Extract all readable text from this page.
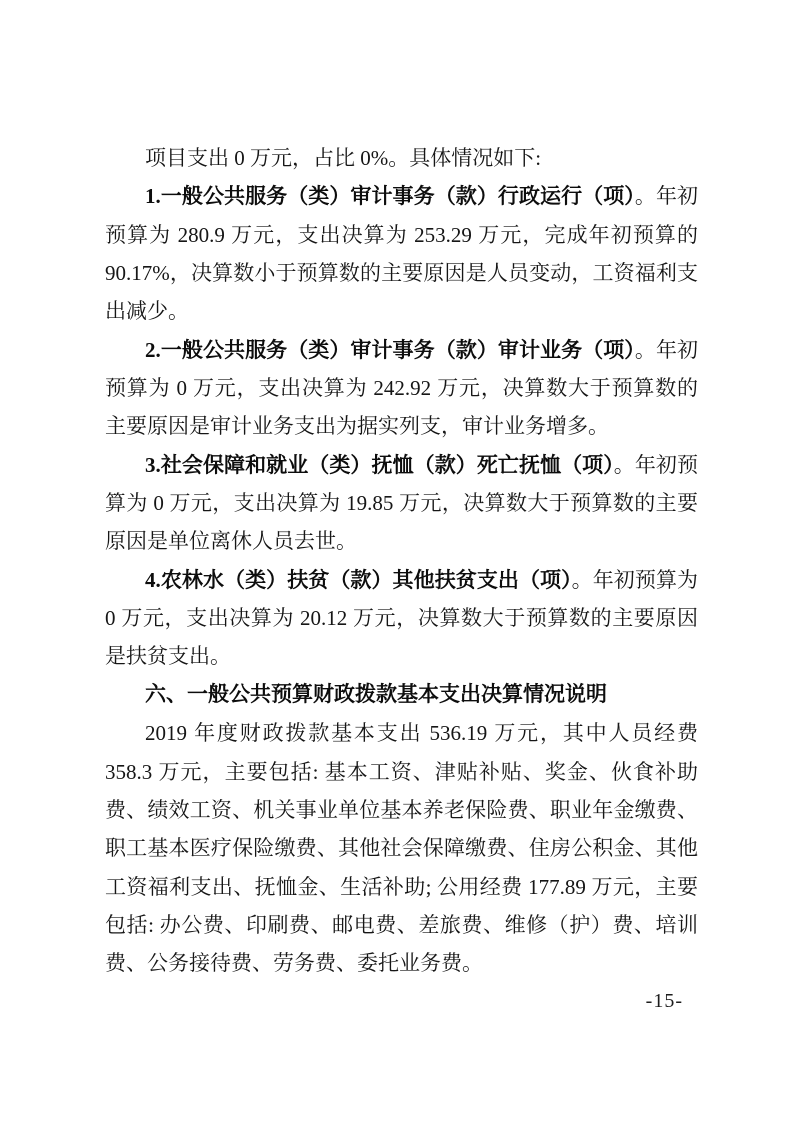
项目支出 0 万元，占比 0%。具体情况如下:

1.一般公共服务（类）审计事务（款）行政运行（项）。年初预算为 280.9 万元，支出决算为 253.29 万元，完成年初预算的 90.17%，决算数小于预算数的主要原因是人员变动，工资福利支出减少。

2.一般公共服务（类）审计事务（款）审计业务（项）。年初预算为 0 万元，支出决算为 242.92 万元，决算数大于预算数的主要原因是审计业务支出为据实列支，审计业务增多。

3.社会保障和就业（类）抚恤（款）死亡抚恤（项）。年初预算为 0 万元，支出决算为 19.85 万元，决算数大于预算数的主要原因是单位离休人员去世。

4.农林水（类）扶贫（款）其他扶贫支出（项）。年初预算为 0 万元，支出决算为 20.12 万元，决算数大于预算数的主要原因是扶贫支出。

六、一般公共预算财政拨款基本支出决算情况说明

2019 年度财政拨款基本支出 536.19 万元，其中人员经费 358.3 万元，主要包括: 基本工资、津贴补贴、奖金、伙食补助费、绩效工资、机关事业单位基本养老保险费、职业年金缴费、职工基本医疗保险缴费、其他社会保障缴费、住房公积金、其他工资福利支出、抚恤金、生活补助; 公用经费 177.89 万元，主要包括: 办公费、印刷费、邮电费、差旅费、维修（护）费、培训费、公务接待费、劳务费、委托业务费。

-15-
